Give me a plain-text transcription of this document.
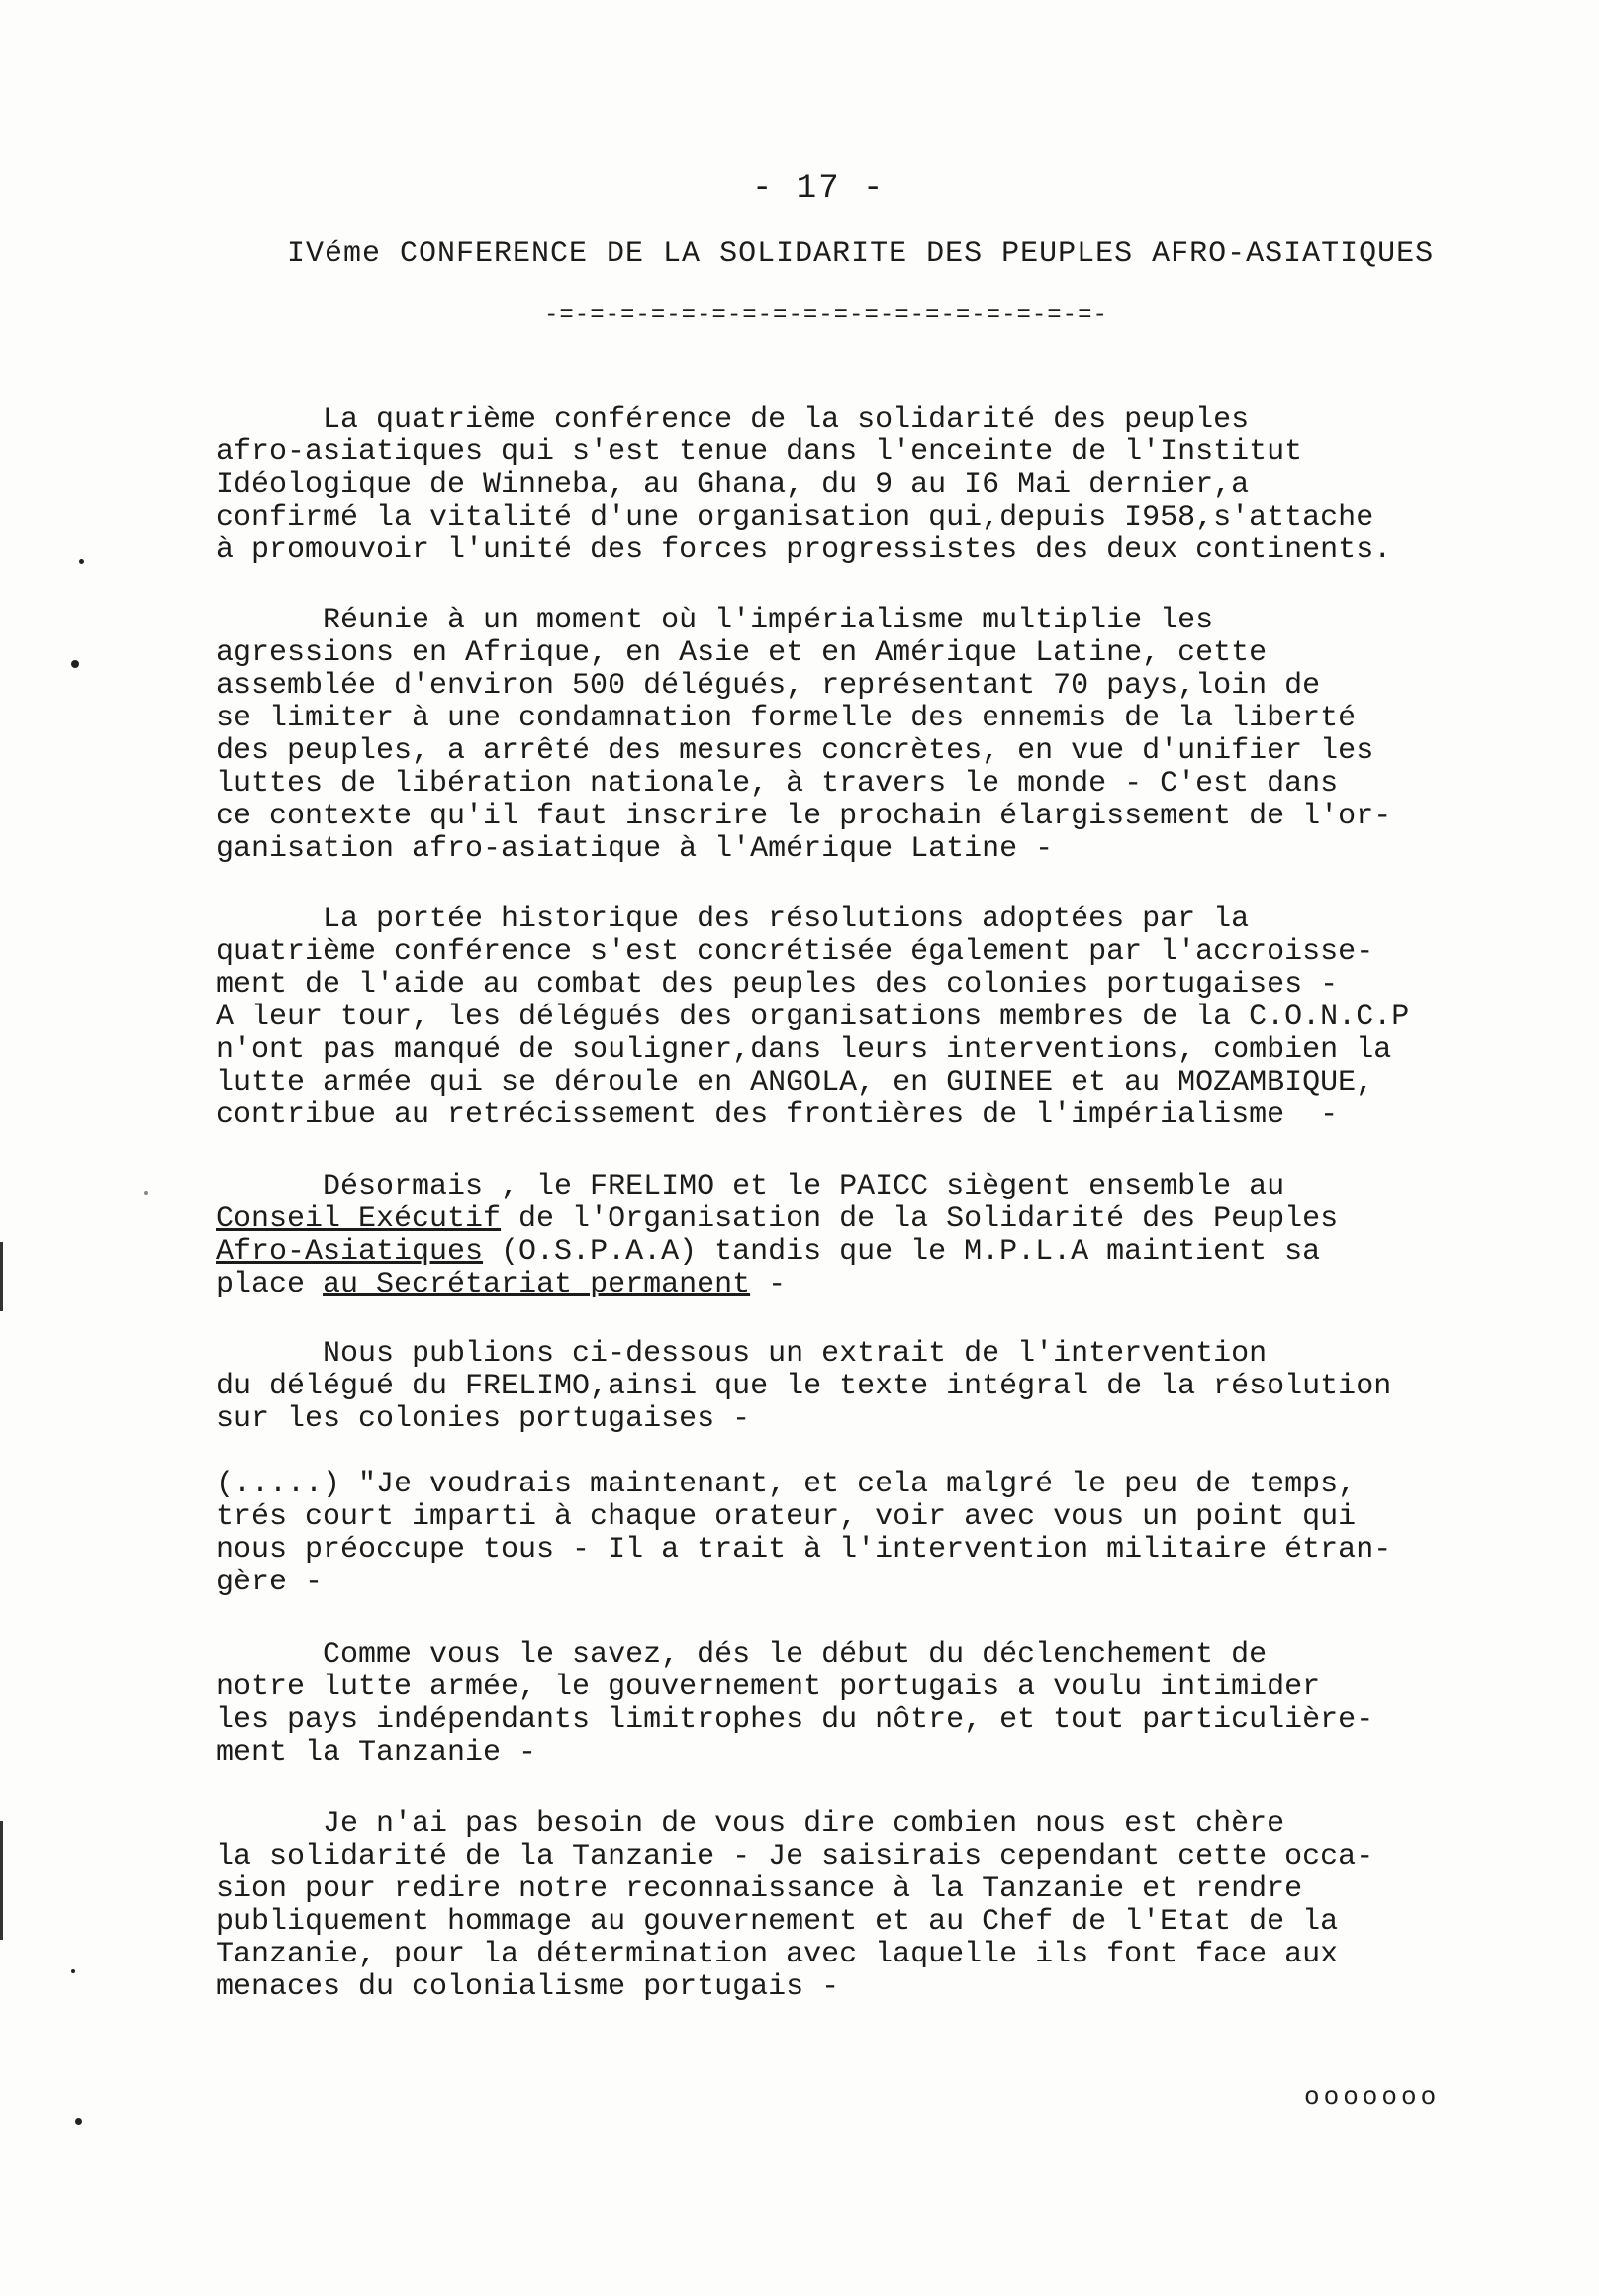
- 17 -
IVéme CONFERENCE DE LA SOLIDARITE DES PEUPLES AFRO-ASIATIQUES
-=-=-=-=-=-=-=-=-=-=-=-=-=-=-=-=-=-=-

La quatrième conférence de la solidarité des peuples
afro-asiatiques qui s'est tenue dans l'enceinte de l'Institut
Idéologique de Winneba, au Ghana, du 9 au I6 Mai dernier,a
confirmé la vitalité d'une organisation qui,depuis I958,s'attache
à promouvoir l'unité des forces progressistes des deux continents.

Réunie à un moment où l'impérialisme multiplie les
agressions en Afrique, en Asie et en Amérique Latine, cette
assemblée d'environ 500 délégués, représentant 70 pays,loin de
se limiter à une condamnation formelle des ennemis de la liberté
des peuples, a arrêté des mesures concrètes, en vue d'unifier les
luttes de libération nationale, à travers le monde - C'est dans
ce contexte qu'il faut inscrire le prochain élargissement de l'or-
ganisation afro-asiatique à l'Amérique Latine -

La portée historique des résolutions adoptées par la
quatrième conférence s'est concrétisée également par l'accroisse-
ment de l'aide au combat des peuples des colonies portugaises -
A leur tour, les délégués des organisations membres de la C.O.N.C.P
n'ont pas manqué de souligner,dans leurs interventions, combien la
lutte armée qui se déroule en ANGOLA, en GUINEE et au MOZAMBIQUE,
contribue au retrécissement des frontières de l'impérialisme  -

Désormais , le FRELIMO et le PAICC siègent ensemble au
Conseil Exécutif de l'Organisation de la Solidarité des Peuples
Afro-Asiatiques (O.S.P.A.A) tandis que le M.P.L.A maintient sa
place au Secrétariat permanent -

Nous publions ci-dessous un extrait de l'intervention
du délégué du FRELIMO,ainsi que le texte intégral de la résolution
sur les colonies portugaises -

(.....) "Je voudrais maintenant, et cela malgré le peu de temps,
trés court imparti à chaque orateur, voir avec vous un point qui
nous préoccupe tous - Il a trait à l'intervention militaire étran-
gère -

Comme vous le savez, dés le début du déclenchement de
notre lutte armée, le gouvernement portugais a voulu intimider
les pays indépendants limitrophes du nôtre, et tout particulière-
ment la Tanzanie -

Je n'ai pas besoin de vous dire combien nous est chère
la solidarité de la Tanzanie - Je saisirais cependant cette occa-
sion pour redire notre reconnaissance à la Tanzanie et rendre
publiquement hommage au gouvernement et au Chef de l'Etat de la
Tanzanie, pour la détermination avec laquelle ils font face aux
menaces du colonialisme portugais -

ooooooo
